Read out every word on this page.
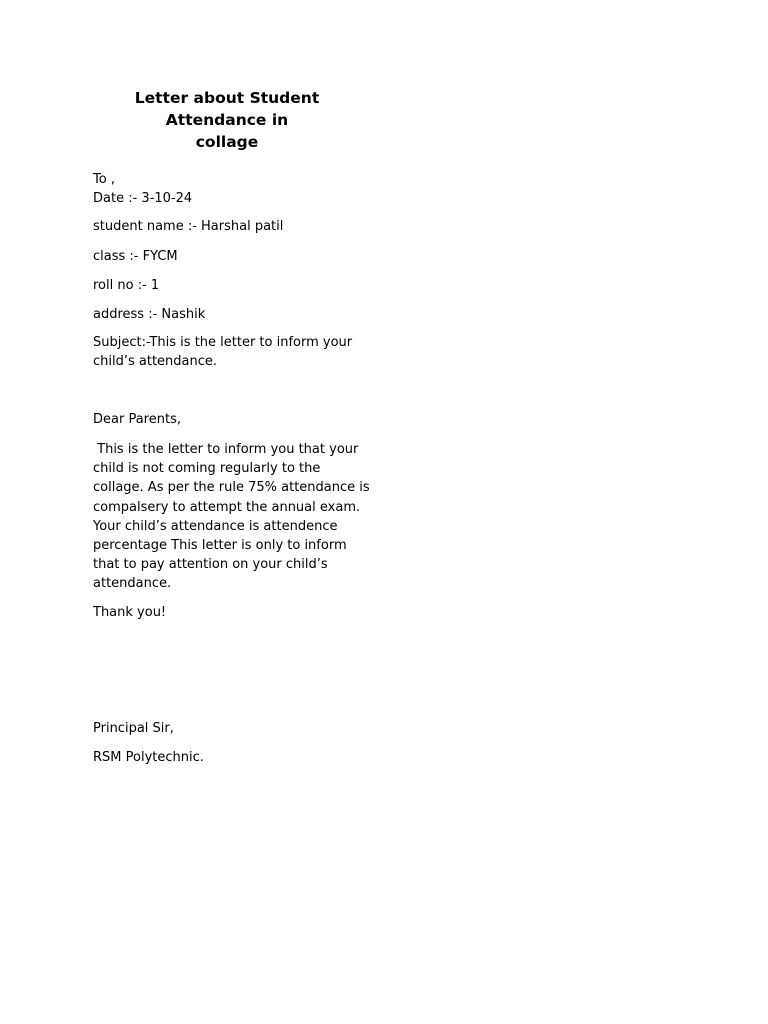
Letter about Student Attendance in
collage
To ,
Date :- 3-10-24
student name :- Harshal patil
class :- FYCM
roll no :- 1
address :- Nashik
Subject:-This is the letter to inform your
child’s attendance.
Dear Parents,
This is the letter to inform you that your
child is not coming regularly to the
collage. As per the rule 75% attendance is
compalsery to attempt the annual exam.
Your child’s attendance is attendence
percentage This letter is only to inform
that to pay attention on your child’s
attendance.
Thank you!
Principal Sir,
RSM Polytechnic.
